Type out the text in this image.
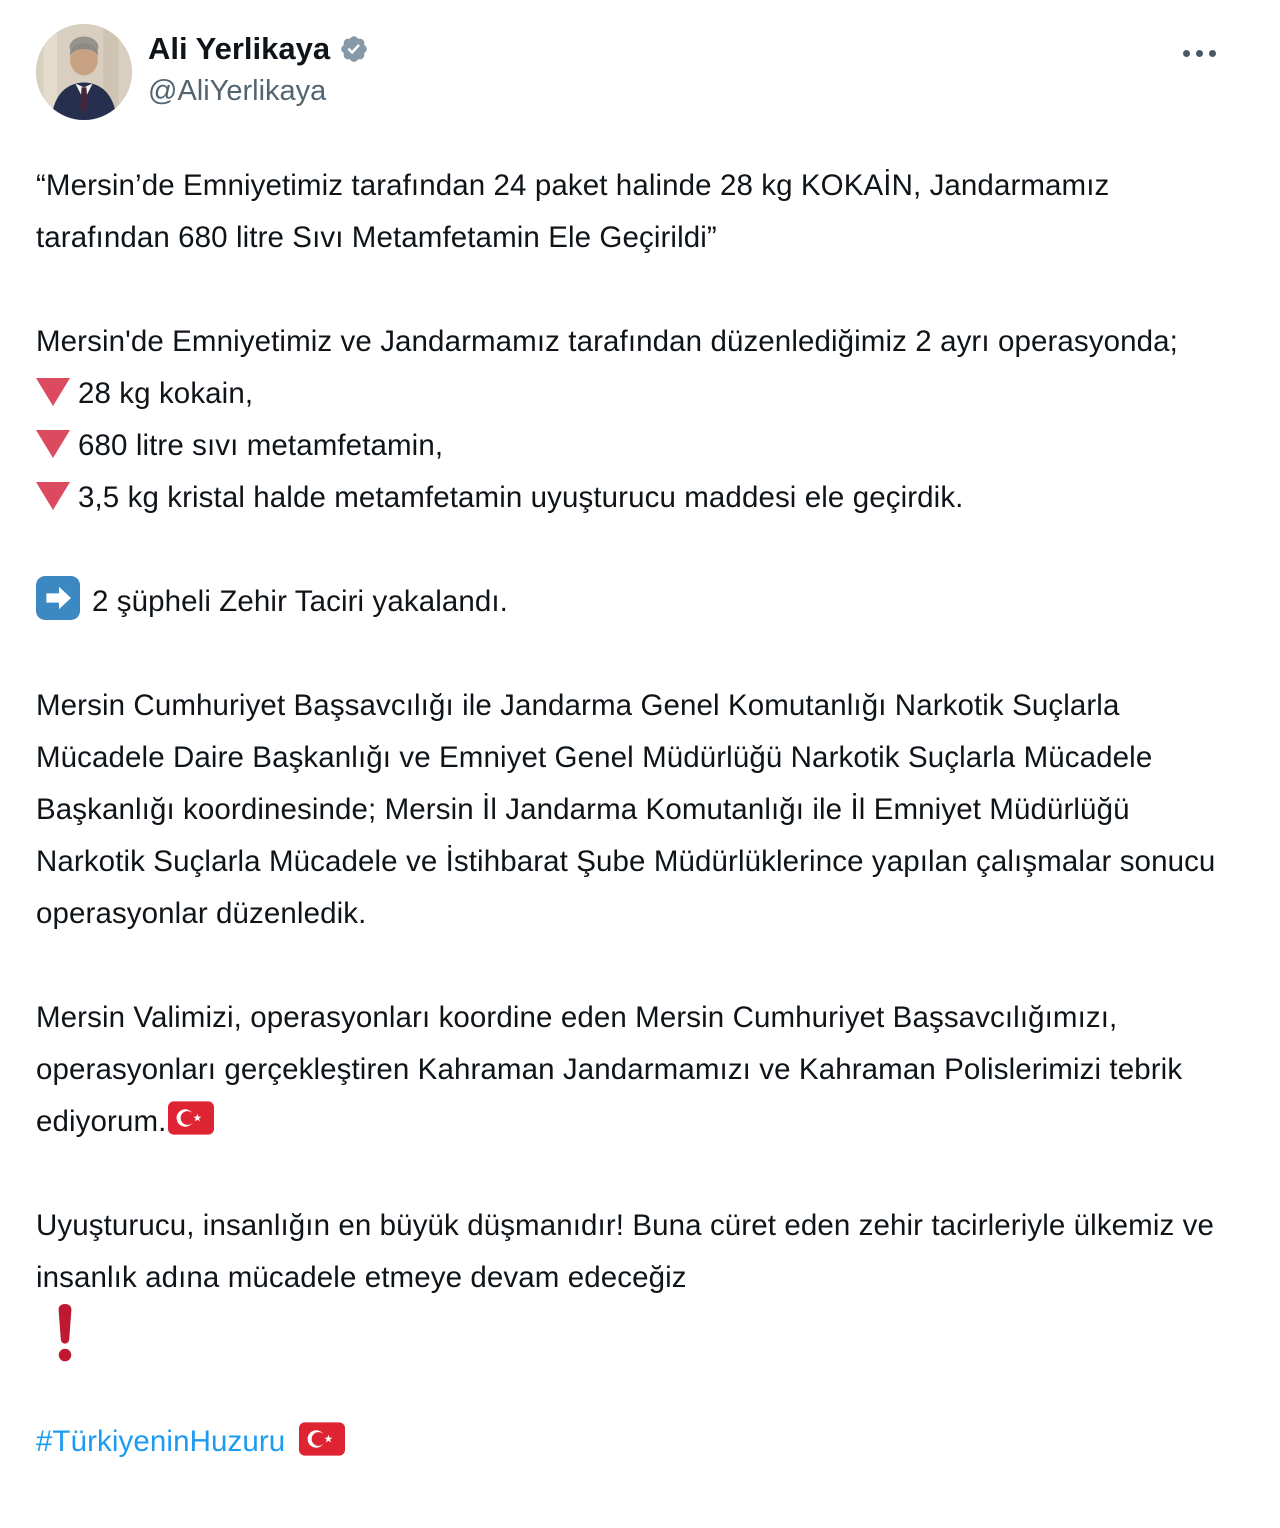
Ali Yerlikaya
@AliYerlikaya

“Mersin’de Emniyetimiz tarafından 24 paket halinde 28 kg KOKAİN, Jandarmamız tarafından 680 litre Sıvı Metamfetamin Ele Geçirildi”

Mersin'de Emniyetimiz ve Jandarmamız tarafından düzenlediğimiz 2 ayrı operasyonda;
28 kg kokain,
680 litre sıvı metamfetamin,
3,5 kg kristal halde metamfetamin uyuşturucu maddesi ele geçirdik.

2 şüpheli Zehir Taciri yakalandı.

Mersin Cumhuriyet Başsavcılığı ile Jandarma Genel Komutanlığı Narkotik Suçlarla Mücadele Daire Başkanlığı ve Emniyet Genel Müdürlüğü Narkotik Suçlarla Mücadele Başkanlığı koordinesinde; Mersin İl Jandarma Komutanlığı ile İl Emniyet Müdürlüğü Narkotik Suçlarla Mücadele ve İstihbarat Şube Müdürlüklerince yapılan çalışmalar sonucu operasyonlar düzenledik.

Mersin Valimizi, operasyonları koordine eden Mersin Cumhuriyet Başsavcılığımızı, operasyonları gerçekleştiren Kahraman Jandarmamızı ve Kahraman Polislerimizi tebrik ediyorum.

Uyuşturucu, insanlığın en büyük düşmanıdır! Buna cüret eden zehir tacirleriyle ülkemiz ve insanlık adına mücadele etmeye devam edeceğiz

#TürkiyeninHuzuru
